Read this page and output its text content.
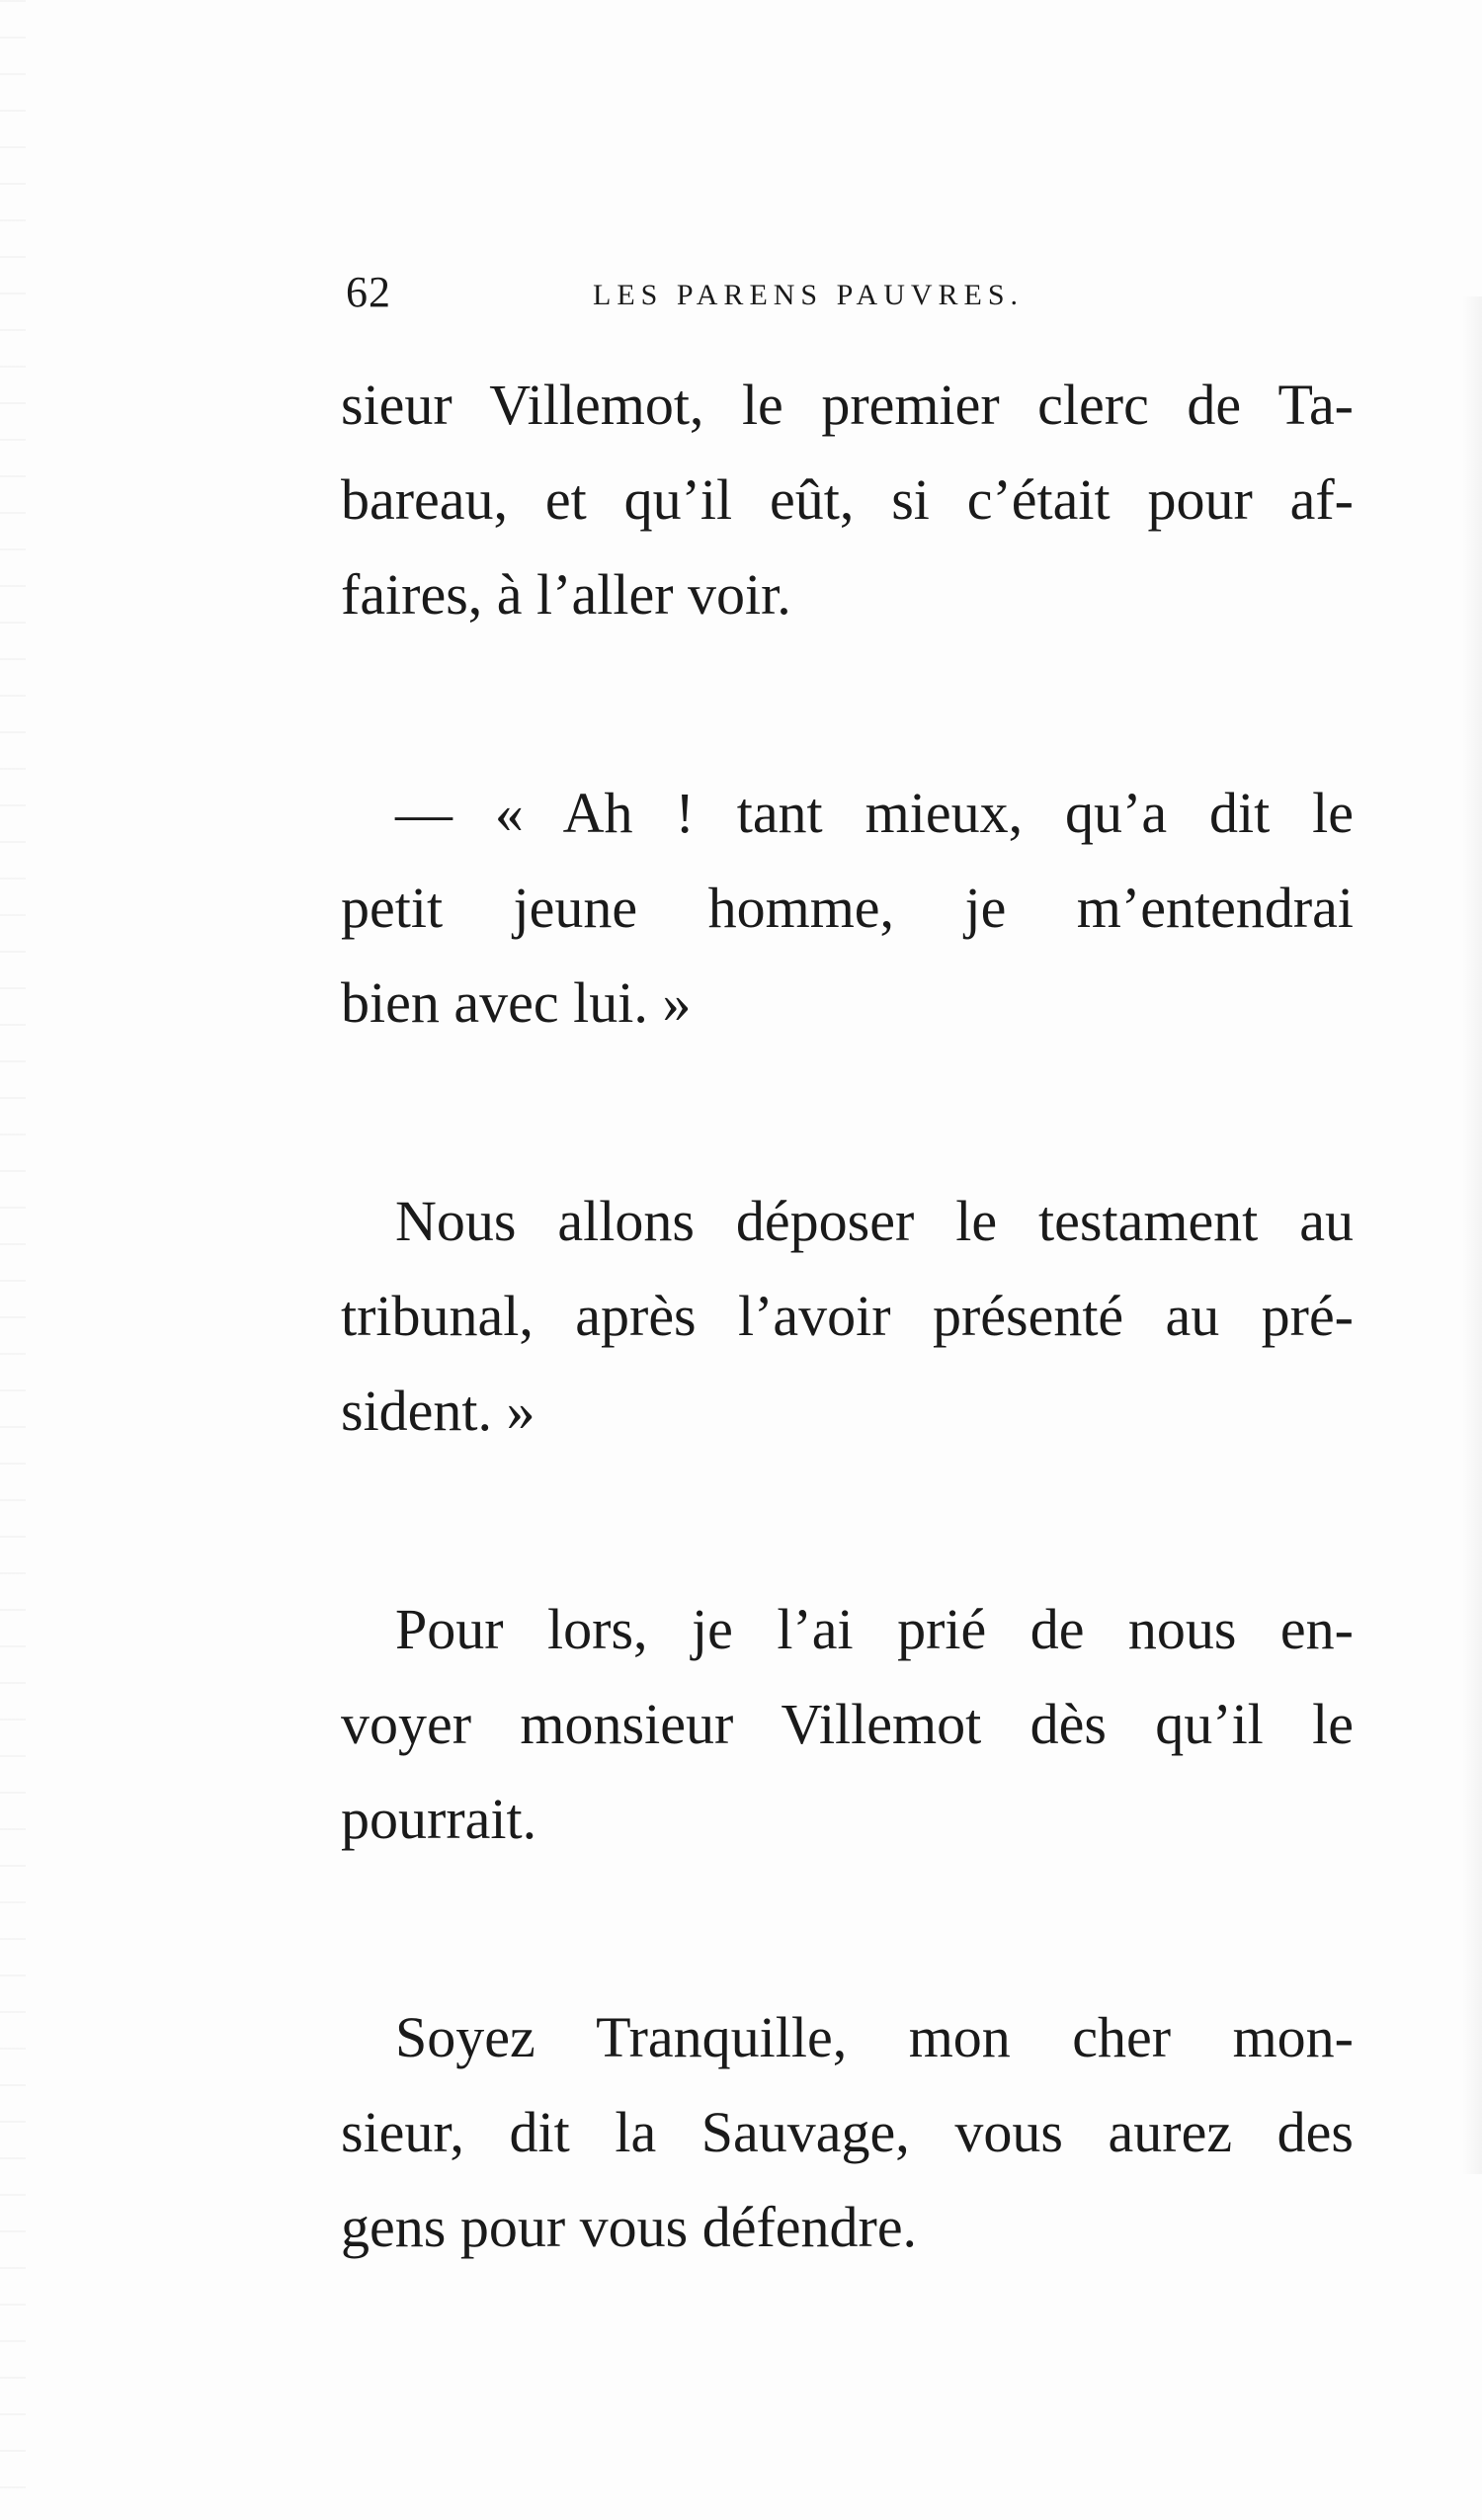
62	LES PARENS PAUVRES.

sieur Villemot, le premier clerc de Ta-
bareau, et qu’il eût, si c’était pour af-
faires, à l’aller voir.

— « Ah ! tant mieux, qu’a dit le
petit jeune homme, je m’entendrai
bien avec lui. »

Nous allons déposer le testament au
tribunal, après l’avoir présenté au pré-
sident. »

Pour lors, je l’ai prié de nous en-
voyer monsieur Villemot dès qu’il le
pourrait.

Soyez Tranquille, mon cher mon-
sieur, dit la Sauvage, vous aurez des
gens pour vous défendre.
